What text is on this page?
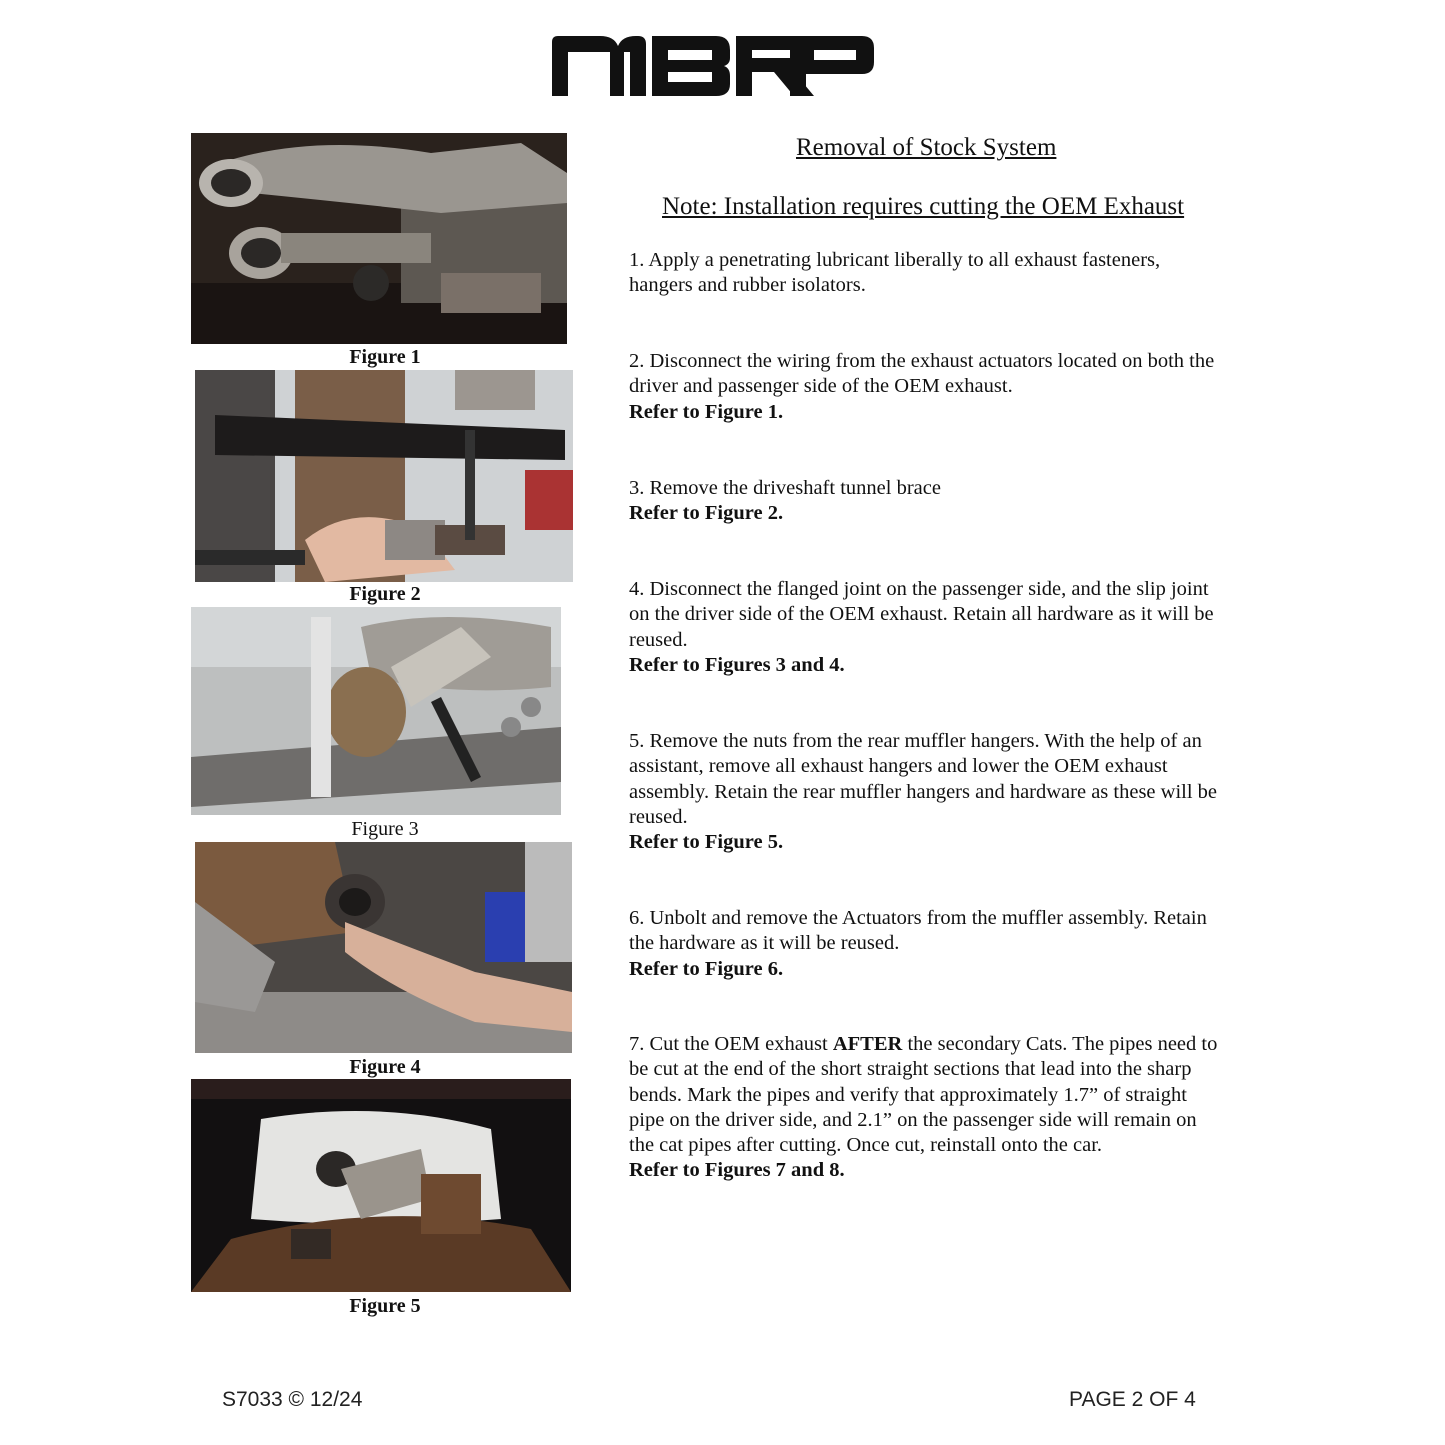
Figure 1
Figure 2
Figure 3
Figure 4
Figure 5
Removal of Stock System
Note: Installation requires cutting the OEM Exhaust
1. Apply a penetrating lubricant liberally to all exhaust fasteners, hangers and rubber isolators.
2. Disconnect the wiring from the exhaust actuators located on both the driver and passenger side of the OEM exhaust.
Refer to Figure 1.
3. Remove the driveshaft tunnel brace
Refer to Figure 2.
4. Disconnect the flanged joint on the passenger side, and the slip joint on the driver side of the OEM exhaust. Retain all hardware as it will be reused.
Refer to Figures 3 and 4.
5. Remove the nuts from the rear muffler hangers. With the help of an assistant, remove all exhaust hangers and lower the OEM exhaust assembly. Retain the rear muffler hangers and hardware as these will be reused.
Refer to Figure 5.
6. Unbolt and remove the Actuators from the muffler assembly. Retain the hardware as it will be reused.
Refer to Figure 6.
7. Cut the OEM exhaust AFTER the secondary Cats. The pipes need to be cut at the end of the short straight sections that lead into the sharp bends. Mark the pipes and verify that approximately 1.7” of straight pipe on the driver side, and 2.1” on the passenger side will remain on the cat pipes after cutting. Once cut, reinstall onto the car.
Refer to Figures 7 and 8.
S7033 © 12/24	PAGE 2 OF 4
